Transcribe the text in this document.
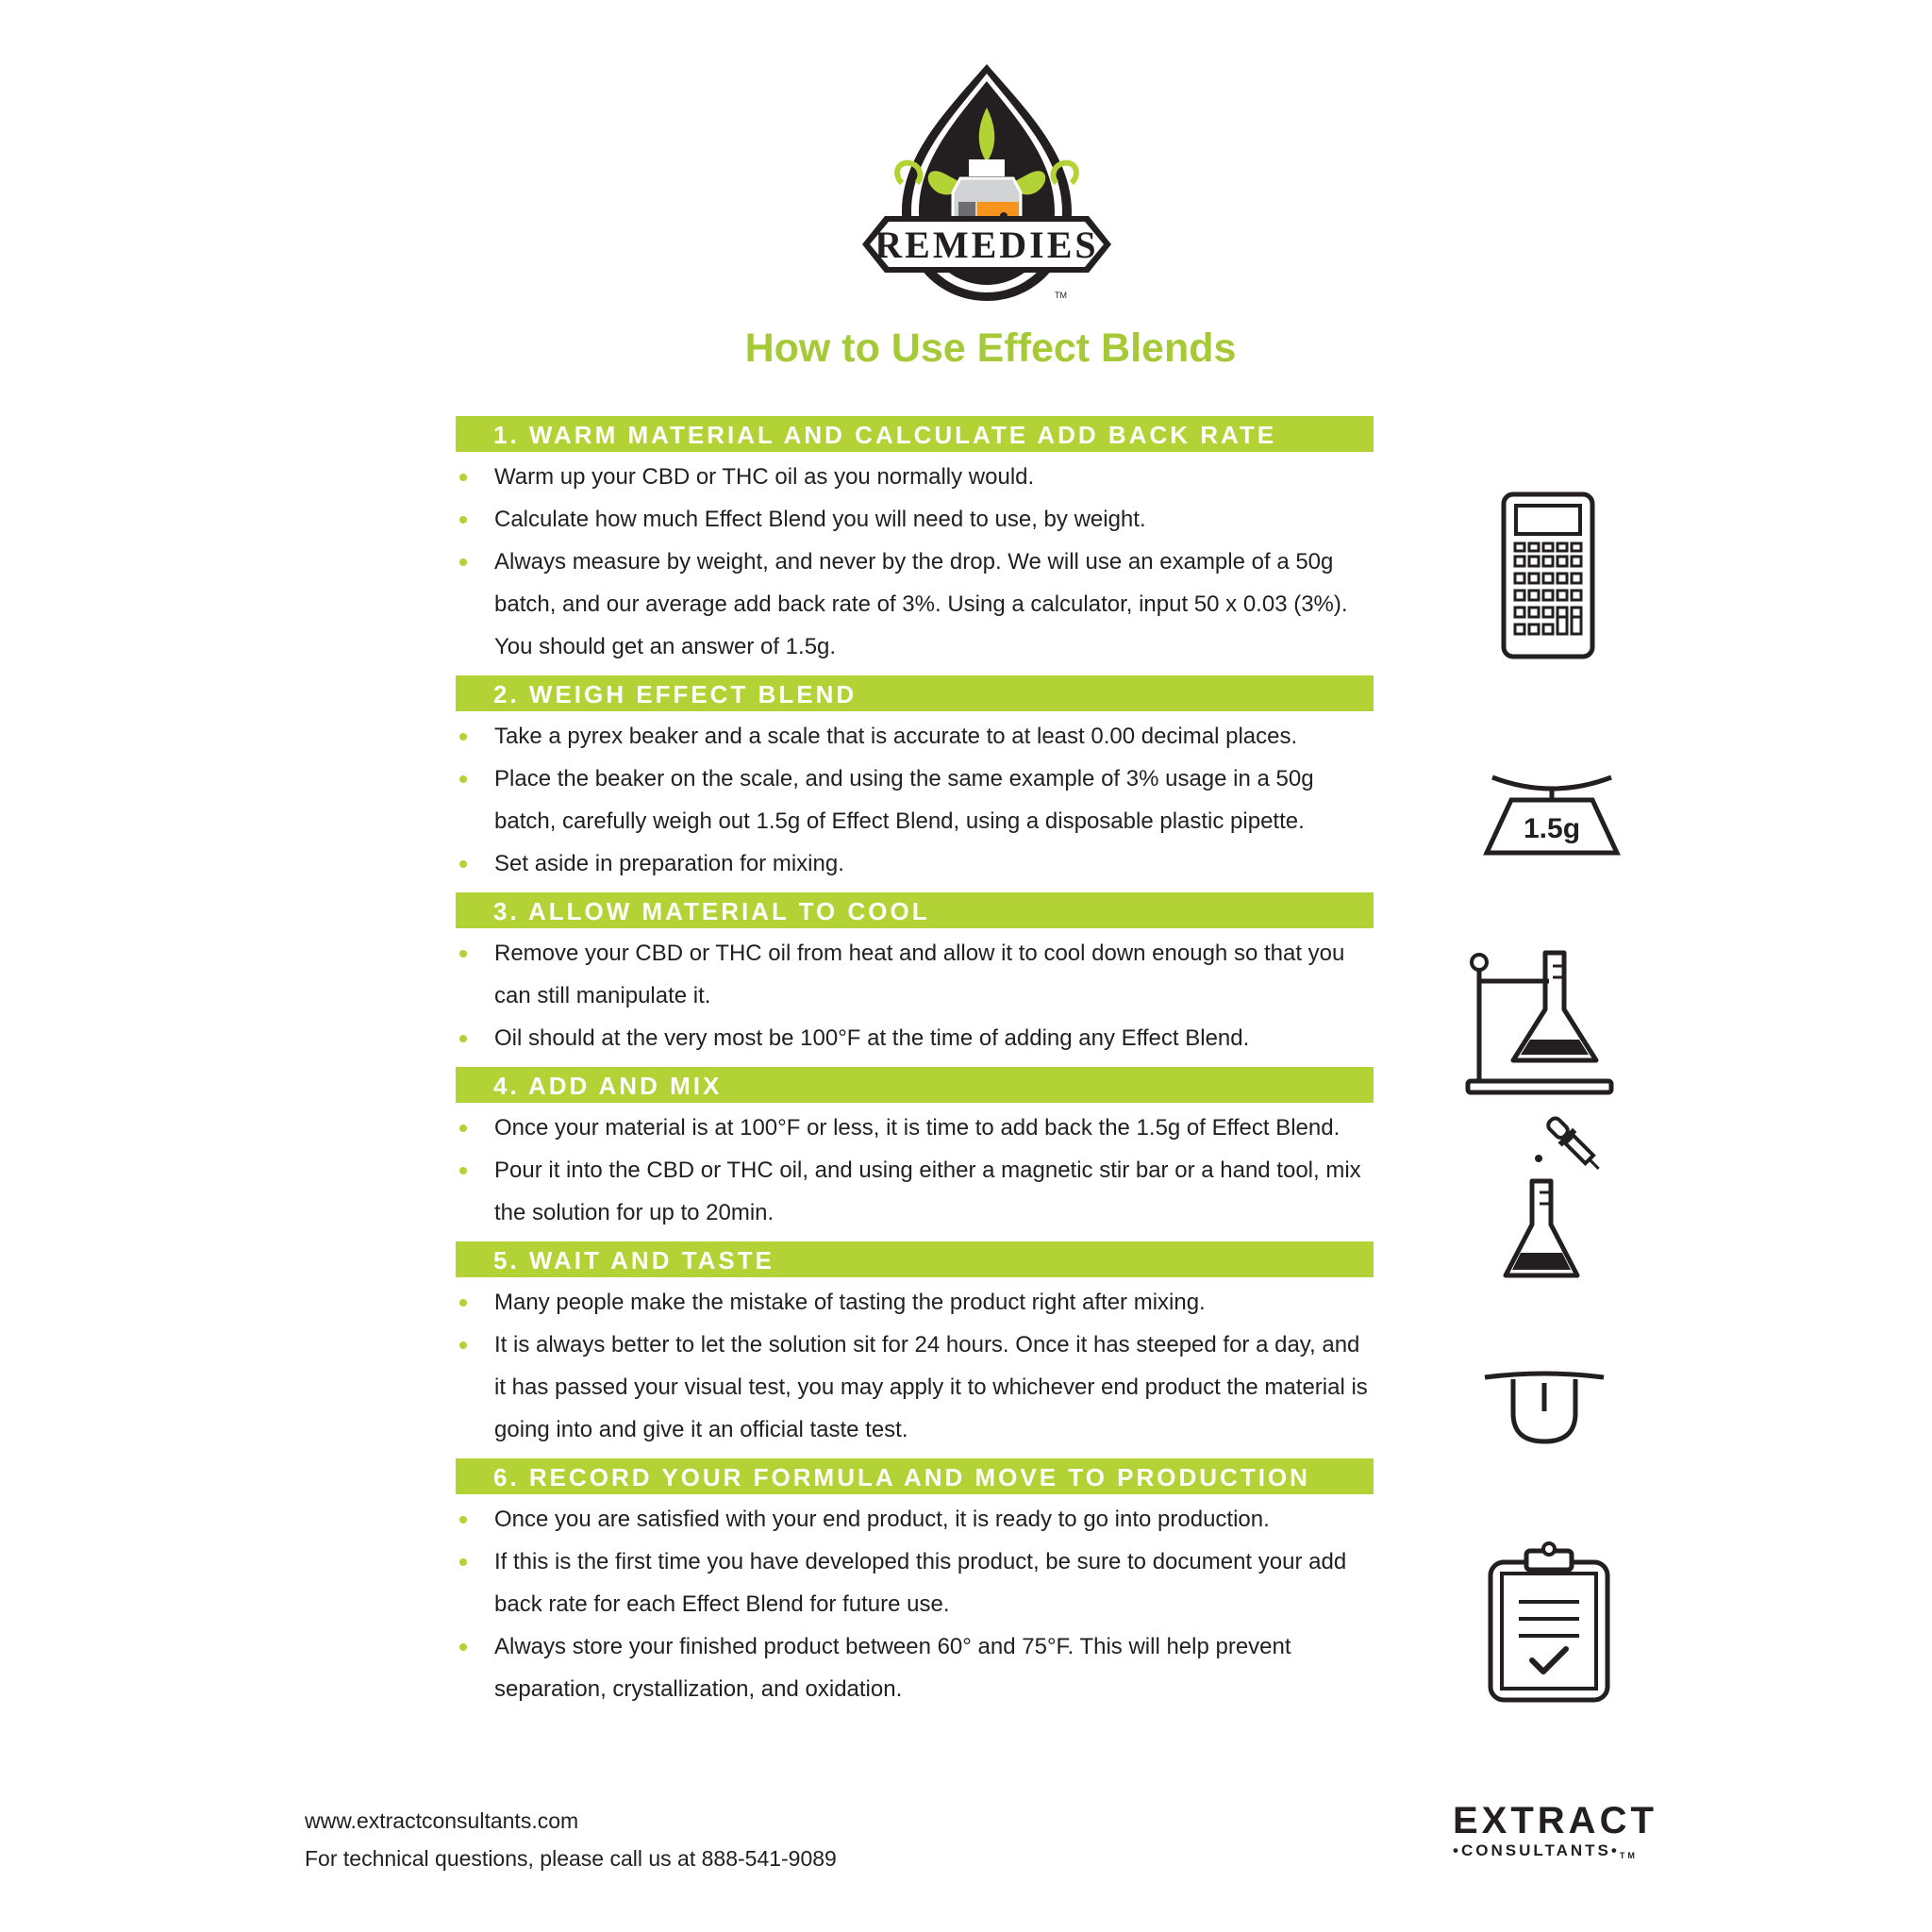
REMEDIES
TM
How to Use Effect Blends
1. WARM MATERIAL AND CALCULATE ADD BACK RATE
Warm up your CBD or THC oil as you normally would.
Calculate how much Effect Blend you will need to use, by weight.
Always measure by weight, and never by the drop. We will use an example of a 50g batch, and our average add back rate of 3%. Using a calculator, input 50 x 0.03 (3%). You should get an answer of 1.5g.
2. WEIGH EFFECT BLEND
Take a pyrex beaker and a scale that is accurate to at least 0.00 decimal places.
Place the beaker on the scale, and using the same example of 3% usage in a 50g batch, carefully weigh out 1.5g of Effect Blend, using a disposable plastic pipette.
Set aside in preparation for mixing.
3. ALLOW MATERIAL TO COOL
Remove your CBD or THC oil from heat and allow it to cool down enough so that you can still manipulate it.
Oil should at the very most be 100°F at the time of adding any Effect Blend.
4. ADD AND MIX
Once your material is at 100°F or less, it is time to add back the 1.5g of Effect Blend.
Pour it into the CBD or THC oil, and using either a magnetic stir bar or a hand tool, mix the solution for up to 20min.
5. WAIT AND TASTE
Many people make the mistake of tasting the product right after mixing.
It is always better to let the solution sit for 24 hours. Once it has steeped for a day, and it has passed your visual test, you may apply it to whichever end product the material is going into and give it an official taste test.
6. RECORD YOUR FORMULA AND MOVE TO PRODUCTION
Once you are satisfied with your end product, it is ready to go into production.
If this is the first time you have developed this product, be sure to document your add back rate for each Effect Blend for future use.
Always store your finished product between 60° and 75°F. This will help prevent separation, crystallization, and oxidation.
1.5g
www.extractconsultants.com
For technical questions, please call us at 888-541-9089
EXTRACT
•CONSULTANTS•TM
